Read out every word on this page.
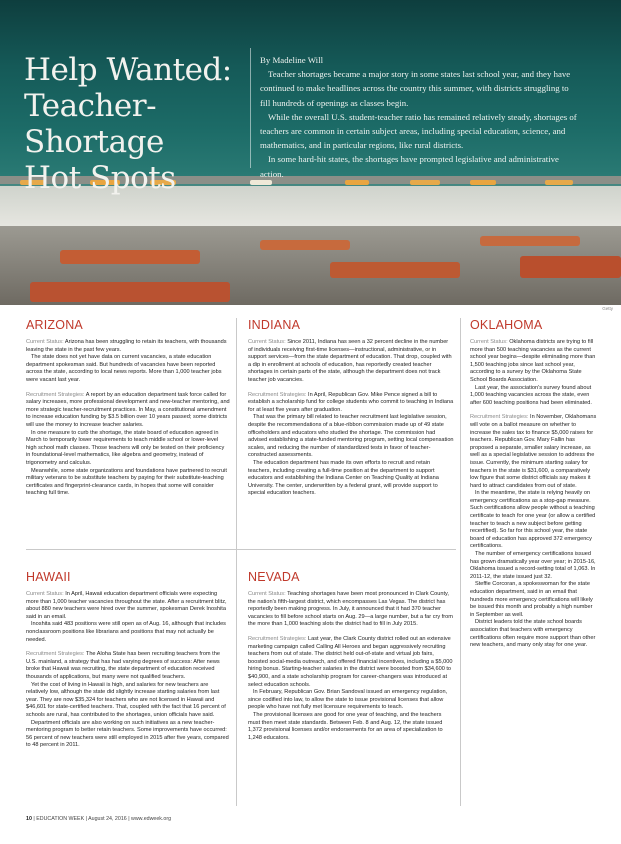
Help Wanted:
Teacher-Shortage
Hot Spots

By Madeline Will

Teacher shortages became a major story in some states last school year, and they have continued to make headlines across the country this summer, with districts struggling to fill hundreds of openings as classes begin.

While the overall U.S. student-teacher ratio has remained relatively steady, shortages of teachers are common in certain subject areas, including special education, science, and mathematics, and in particular regions, like rural districts.

In some hard-hit states, the shortages have prompted legislative and administrative action.

Getty
ARIZONA

Current Status: Arizona has been struggling to retain its teachers, with thousands leaving the state in the past few years.

The state does not yet have data on current vacancies, a state education department spokesman said. But hundreds of vacancies have been reported across the state, according to local news reports. More than 1,000 teacher jobs were vacant last year.

Recruitment Strategies: A report by an education department task force called for salary increases, more professional development and new-teacher mentoring, and more strategic teacher-recruitment practices. In May, a constitutional amendment to increase education funding by $3.5 billion over 10 years passed; some districts will use the money to increase teacher salaries.

In one measure to curb the shortage, the state board of education agreed in March to temporarily lower requirements to teach middle school or lower-level high school math classes. Those teachers will only be tested on their proficiency in foundational-level mathematics, like algebra and geometry, instead of trigonometry and calculus.

Meanwhile, some state organizations and foundations have partnered to recruit military veterans to be substitute teachers by paying for their substitute-teaching certificates and fingerprint-clearance cards, in hopes that some will consider teaching full time.

INDIANA

Current Status: Since 2011, Indiana has seen a 32 percent decline in the number of individuals receiving first-time licenses—instructional, administrative, or in support services—from the state department of education. That drop, coupled with a dip in enrollment at schools of education, has reportedly created teacher shortages in certain parts of the state, although the department does not track teacher job vacancies.

Recruitment Strategies: In April, Republican Gov. Mike Pence signed a bill to establish a scholarship fund for college students who commit to teaching in Indiana for at least five years after graduation.

That was the primary bill related to teacher recruitment last legislative session, despite the recommendations of a blue-ribbon commission made up of 49 state officeholders and educators who studied the shortage. The commission had advised establishing a state-funded mentoring program, setting local compensation scales, and reducing the number of standardized tests in favor of teacher-constructed assessments.

The education department has made its own efforts to recruit and retain teachers, including creating a full-time position at the department to support educators and establishing the Indiana Center on Teaching Quality at Indiana University. The center, underwritten by a federal grant, will provide support to special education teachers.

OKLAHOMA

Current Status: Oklahoma districts are trying to fill more than 500 teaching vacancies as the current school year begins—despite eliminating more than 1,500 teaching jobs since last school year, according to a survey by the Oklahoma State School Boards Association.

Last year, the association's survey found about 1,000 teaching vacancies across the state, even after 600 teaching positions had been eliminated.

Recruitment Strategies: In November, Oklahomans will vote on a ballot measure on whether to increase the sales tax to finance $5,000 raises for teachers. Republican Gov. Mary Fallin has proposed a separate, smaller salary increase, as well as a special legislative session to address the issue. Currently, the minimum starting salary for teachers in the state is $31,600, a comparatively low figure that some district officials say makes it hard to attract candidates from out of state.

In the meantime, the state is relying heavily on emergency certifications as a stop-gap measure. Such certifications allow people without a teaching certificate to teach for one year (or allow a certified teacher to teach a new subject before getting recertified). So far for this school year, the state board of education has approved 372 emergency certifications.

The number of emergency certifications issued has grown dramatically year over year; in 2015-16, Oklahoma issued a record-setting total of 1,063. In 2011-12, the state issued just 32.

Steffie Corcoran, a spokeswoman for the state education department, said in an email that hundreds more emergency certifications will likely be issued this month and probably a high number in September as well.

District leaders told the state school boards association that teachers with emergency certifications often require more support than other new teachers, and many only stay for one year.

HAWAII

Current Status: In April, Hawaii education department officials were expecting more than 1,000 teacher vacancies throughout the state. After a recruitment blitz, about 880 new teachers were hired over the summer, spokesman Derek Inoshita said in an email.

Inoshita said 483 positions were still open as of Aug. 16, although that includes nonclassroom positions like librarians and positions that may not actually be needed.

Recruitment Strategies: The Aloha State has been recruiting teachers from the U.S. mainland, a strategy that has had varying degrees of success: After news broke that Hawaii was recruiting, the state department of education received thousands of applications, but many were not qualified teachers.

Yet the cost of living in Hawaii is high, and salaries for new teachers are relatively low, although the state did slightly increase starting salaries from last year. They are now $35,324 for teachers who are not licensed in Hawaii and $46,601 for state-certified teachers. That, coupled with the fact that 16 percent of schools are rural, has contributed to the shortages, union officials have said.

Department officials are also working on such initiatives as a new teacher-mentoring program to better retain teachers. Some improvements have occurred: 56 percent of new teachers were still employed in 2015 after five years, compared to 48 percent in 2011.

NEVADA

Current Status: Teaching shortages have been most pronounced in Clark County, the nation's fifth-largest district, which encompasses Las Vegas. The district has reportedly been making progress. In July, it announced that it had 370 teacher vacancies to fill before school starts on Aug. 29—a large number, but a far cry from the more than 1,000 teaching slots the district had to fill in July 2015.

Recruitment Strategies: Last year, the Clark County district rolled out an extensive marketing campaign called Calling All Heroes and began aggressively recruiting teachers from out of state. The district held out-of-state and virtual job fairs, boosted social-media outreach, and offered financial incentives, including a $5,000 hiring bonus. Starting-teacher salaries in the district were boosted from $34,600 to $40,900, and a state scholarship program for career-changers was introduced at select education schools.

In February, Republican Gov. Brian Sandoval issued an emergency regulation, since codified into law, to allow the state to issue provisional licenses that allow people who have not fully met licensure requirements to teach.

The provisional licenses are good for one year of teaching, and the teachers must then meet state standards. Between Feb. 8 and Aug. 12, the state issued 1,372 provisional licenses and/or endorsements for an area of specialization to 1,248 educators.

10 | EDUCATION WEEK | August 24, 2016 | www.edweek.org
